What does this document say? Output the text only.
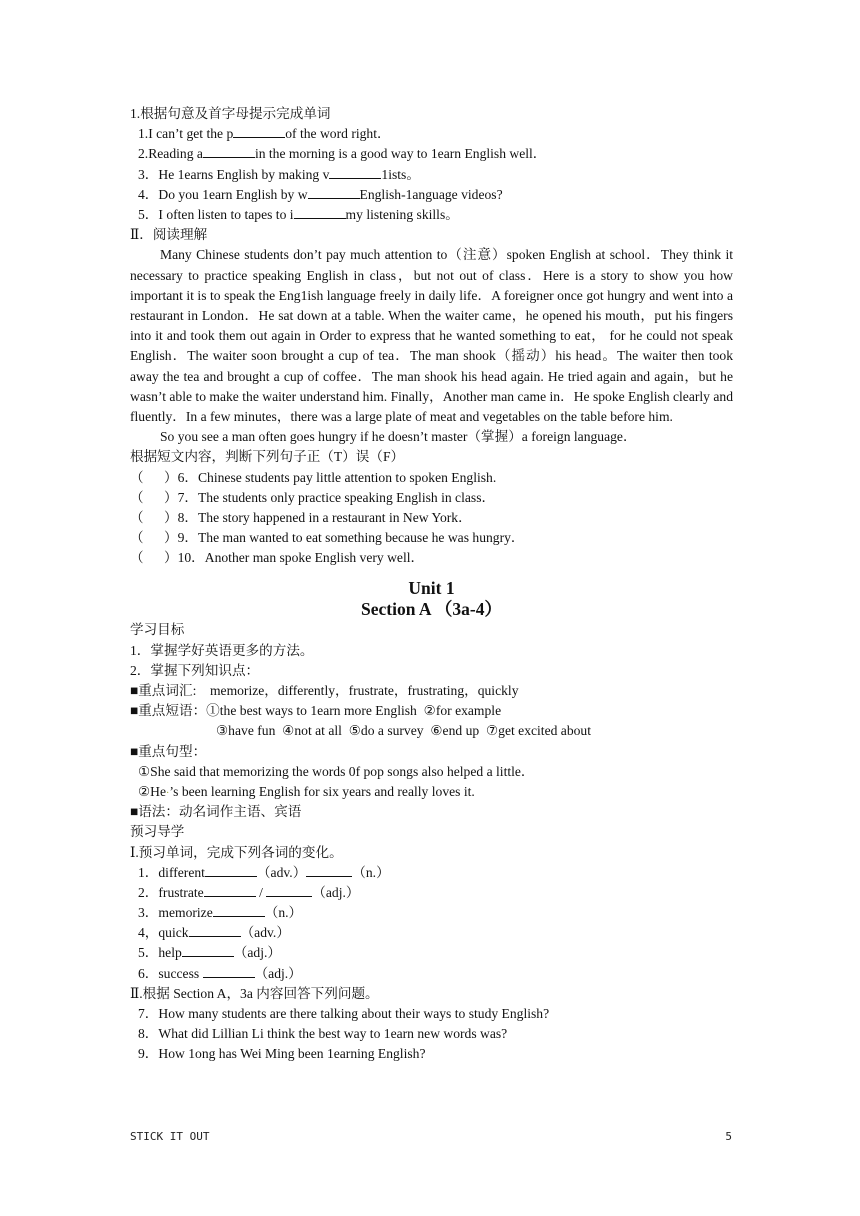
1.根据句意及首字母提示完成单词
1.I can’t get the p	of the word right．
2.Reading a	in the morning is a good way to 1earn English well．
3．He 1earns English by making v	1ists。
4．Do you 1earn English by w	English-1anguage videos?
5．I often listen to tapes to i	my listening skills。
Ⅱ．阅读理解

Many Chinese students don’t pay much attention to（注意）spoken English at school．They think it necessary to practice speaking English in class，but not out of class．Here is a story to show you how important it is to speak the Eng1ish language freely in daily life．A foreigner once got hungry and went into a restaurant in London．He sat down at a table. When the waiter came，he opened his mouth，put his fingers into it and took them out again in Order to express that he wanted something to eat， for he could not speak English．The waiter soon brought a cup of tea．The man shook（摇动）his head。The waiter then took away the tea and brought a cup of coffee．The man shook his head again. He tried again and again，but he wasn’t able to make the waiter understand him. Finally，Another man came in．He spoke English clearly and fluently．In a few minutes，there was a large plate of meat and vegetables on the table before him.

So you see a man often goes hungry if he doesn’t master（掌握）a foreign language．

根据短文内容，判断下列句子正（T）误（F）
（　  ）6．Chinese students pay little attention to spoken English.
（　  ）7．The students only practice speaking English in class．
（　  ）8．The story happened in a restaurant in New York．
（　  ）9．The man wanted to eat something because he was hungry．
（　  ）10．Another man spoke English very well．
Unit 1
Section A （3a-4）
学习目标
1．掌握学好英语更多的方法。
2．掌握下列知识点：
■重点词汇:　memorize，differently，frustrate，frustrating，quickly
■重点短语：①the best ways to 1earn more English  ②for example
③have fun  ④not at all  ⑤do a survey  ⑥end up  ⑦get excited about
■重点句型：
①She said that memorizing the words 0f pop songs also helped a little．
②He·’s been learning English for six years and really loves it.
■语法：动名词作主语、宾语
预习导学
Ⅰ.预习单词，完成下列各词的变化。
1．different	（adv.）	（n.）
2．frustrate	/	（adj.）
3．memorize	（n.）
4，quick	（adv.）
5．help	（adj.）
6．success	（adj.）
Ⅱ.根据 Section A，3a 内容回答下列问题。
7．How many students are there talking about their ways to study English?
8．What did Lillian Li think the best way to 1earn new words was?
9．How 1ong has Wei Ming been 1earning English?
STICK IT OUT	5
